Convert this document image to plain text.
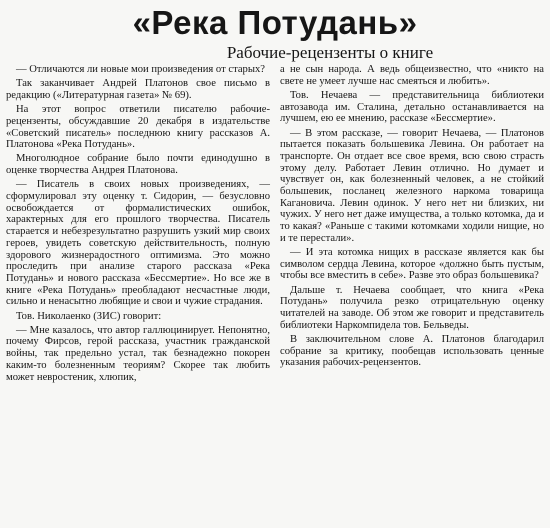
«Река Потудань»
Рабочие-рецензенты о книге

— Отличаются ли новые мои произведения от старых?

Так заканчивает Андрей Платонов свое письмо в редакцию («Литературная газета» № 69).

На этот вопрос ответили писателю рабочие-рецензенты, обсуждавшие 20 декабря в издательстве «Советский писатель» последнюю книгу рассказов А. Платонова «Река Потудань».

Многолюдное собрание было почти единодушно в оценке творчества Андрея Платонова.

— Писатель в своих новых произведениях, — сформулировал эту оценку т. Сидорин, — безусловно освобождается от формалистических ошибок, характерных для его прошлого творчества. Писатель старается и небезрезультатно разрушить узкий мир своих героев, увидеть советскую действительность, полную здорового жизнерадостного оптимизма. Это можно проследить при анализе старого рассказа «Река Потудань» и нового рассказа «Бессмертие». Но все же в книге «Река Потудань» преобладают несчастные люди, сильно и ненасытно любящие и свои и чужие страдания.

Тов. Николаенко (ЗИС) говорит:

— Мне казалось, что автор галлюцинирует. Непонятно, почему Фирсов, герой рассказа, участник гражданской войны, так предельно устал, так безнадежно покорен каким-то болезненным теориям? Скорее так любить может невростеник, хлюпик,

а не сын народа. А ведь общеизвестно, что «никто на свете не умеет лучше нас смеяться и любить».

Тов. Нечаева — представительница библиотеки автозавода им. Сталина, детально останавливается на лучшем, ею ее мнению, рассказе «Бессмертие».

— В этом рассказе, — говорит Нечаева, — Платонов пытается показать большевика Левина. Он работает на транспорте. Он отдает все свое время, всю свою страсть этому делу. Работает Левин отлично. Но думает и чувствует он, как болезненный человек, а не стойкий большевик, посланец железного наркома товарища Кагановича. Левин одинок. У него нет ни близких, ни чужих. У него нет даже имущества, а только котомка, да и то какая? «Раньше с такими котомками ходили нищие, но и те перестали».

— И эта котомка нищих в рассказе является как бы символом сердца Левина, которое «должно быть пустым, чтобы все вместить в себе». Разве это образ большевика?

Дальше т. Нечаева сообщает, что книга «Река Потудань» получила резко отрицательную оценку читателей на заводе. Об этом же говорит и представитель библиотеки Наркомпидела тов. Бельведы.

В заключительном слове А. Платонов благодарил собрание за критику, пообещав использовать ценные указания рабочих-рецензентов.
